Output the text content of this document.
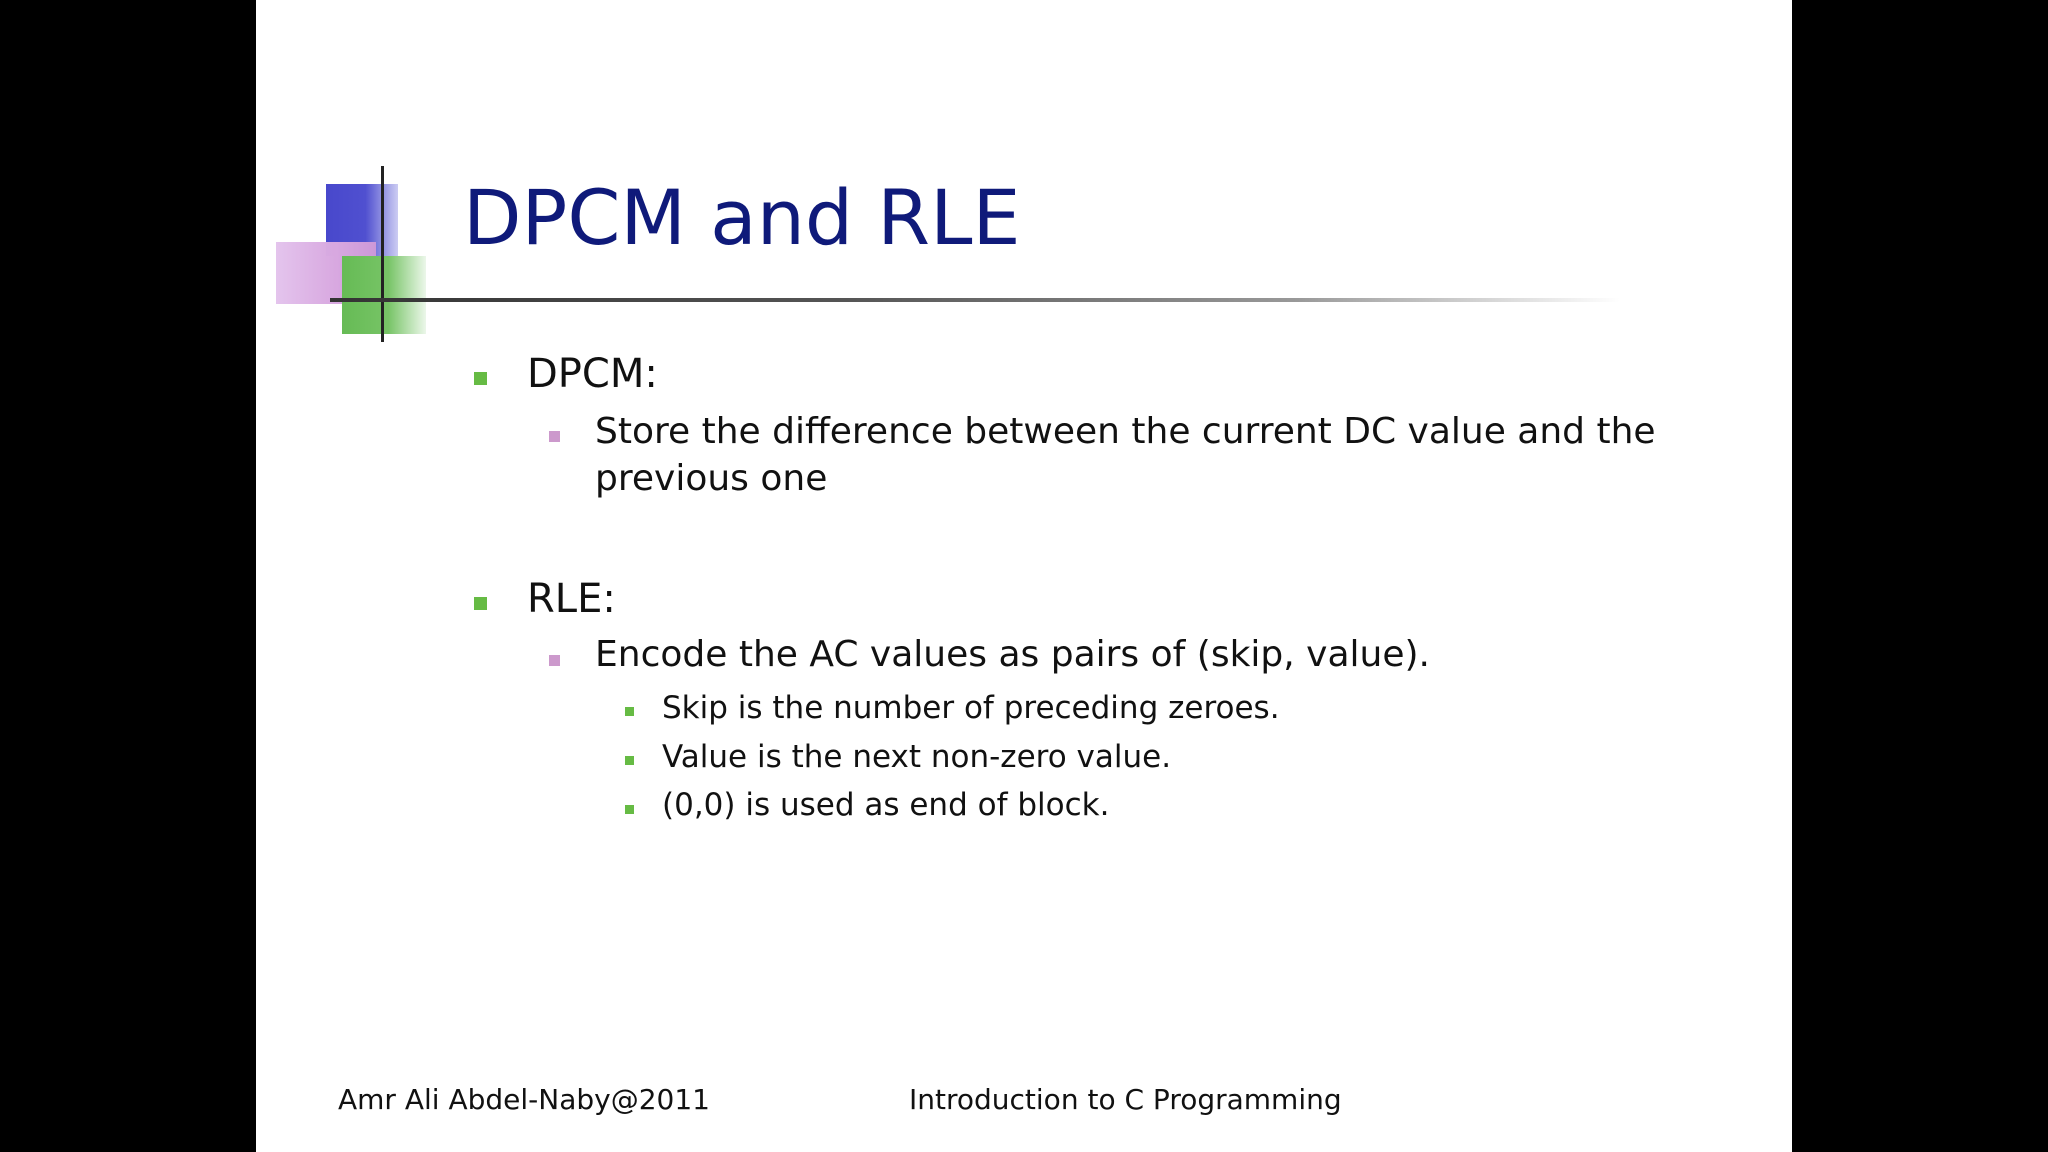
DPCM and RLE
DPCM:
Store the difference between the current DC value and the
previous one
RLE:
Encode the AC values as pairs of (skip, value).
Skip is the number of preceding zeroes.
Value is the next non-zero value.
(0,0) is used as end of block.
Amr Ali Abdel-Naby@2011	Introduction to C Programming
